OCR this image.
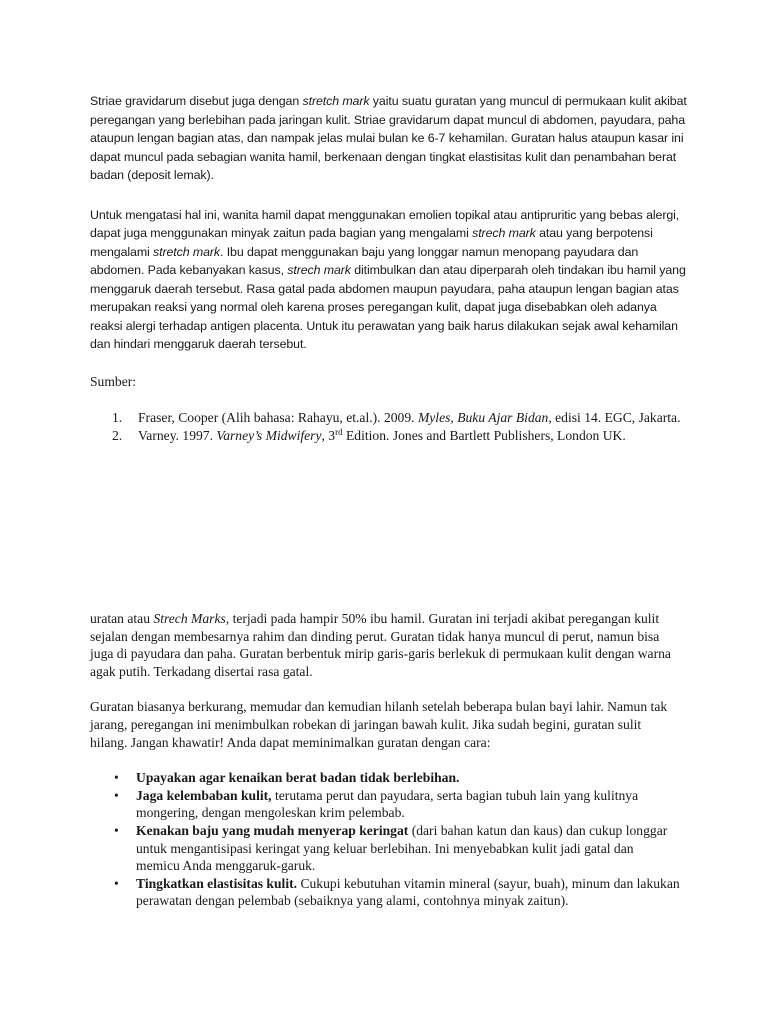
Striae gravidarum disebut juga dengan stretch mark yaitu suatu guratan yang muncul di permukaan kulit akibat peregangan yang berlebihan pada jaringan kulit. Striae gravidarum dapat muncul di abdomen, payudara, paha ataupun lengan bagian atas, dan nampak jelas mulai bulan ke 6-7 kehamilan. Guratan halus ataupun kasar ini dapat muncul pada sebagian wanita hamil, berkenaan dengan tingkat elastisitas kulit dan penambahan berat badan (deposit lemak).

Untuk mengatasi hal ini, wanita hamil dapat menggunakan emolien topikal atau antipruritic yang bebas alergi, dapat juga menggunakan minyak zaitun pada bagian yang mengalami strech mark atau yang berpotensi mengalami stretch mark. Ibu dapat menggunakan baju yang longgar namun menopang payudara dan abdomen. Pada kebanyakan kasus, strech mark ditimbulkan dan atau diperparah oleh tindakan ibu hamil yang menggaruk daerah tersebut. Rasa gatal pada abdomen maupun payudara, paha ataupun lengan bagian atas merupakan reaksi yang normal oleh karena proses peregangan kulit, dapat juga disebabkan oleh adanya reaksi alergi terhadap antigen placenta. Untuk itu perawatan yang baik harus dilakukan sejak awal kehamilan dan hindari menggaruk daerah tersebut.

Sumber:

1. Fraser, Cooper (Alih bahasa: Rahayu, et.al.). 2009. Myles, Buku Ajar Bidan, edisi 14. EGC, Jakarta.
2. Varney. 1997. Varney’s Midwifery, 3rd Edition. Jones and Bartlett Publishers, London UK.

uratan atau Strech Marks, terjadi pada hampir 50% ibu hamil. Guratan ini terjadi akibat peregangan kulit sejalan dengan membesarnya rahim dan dinding perut. Guratan tidak hanya muncul di perut, namun bisa juga di payudara dan paha. Guratan berbentuk mirip garis-garis berlekuk di permukaan kulit dengan warna agak putih. Terkadang disertai rasa gatal.

Guratan biasanya berkurang, memudar dan kemudian hilanh setelah beberapa bulan bayi lahir. Namun tak jarang, peregangan ini menimbulkan robekan di jaringan bawah kulit. Jika sudah begini, guratan sulit hilang. Jangan khawatir! Anda dapat meminimalkan guratan dengan cara:

• Upayakan agar kenaikan berat badan tidak berlebihan.
• Jaga kelembaban kulit, terutama perut dan payudara, serta bagian tubuh lain yang kulitnya mongering, dengan mengoleskan krim pelembab.
• Kenakan baju yang mudah menyerap keringat (dari bahan katun dan kaus) dan cukup longgar untuk mengantisipasi keringat yang keluar berlebihan. Ini menyebabkan kulit jadi gatal dan memicu Anda menggaruk-garuk.
• Tingkatkan elastisitas kulit. Cukupi kebutuhan vitamin mineral (sayur, buah), minum dan lakukan perawatan dengan pelembab (sebaiknya yang alami, contohnya minyak zaitun).
